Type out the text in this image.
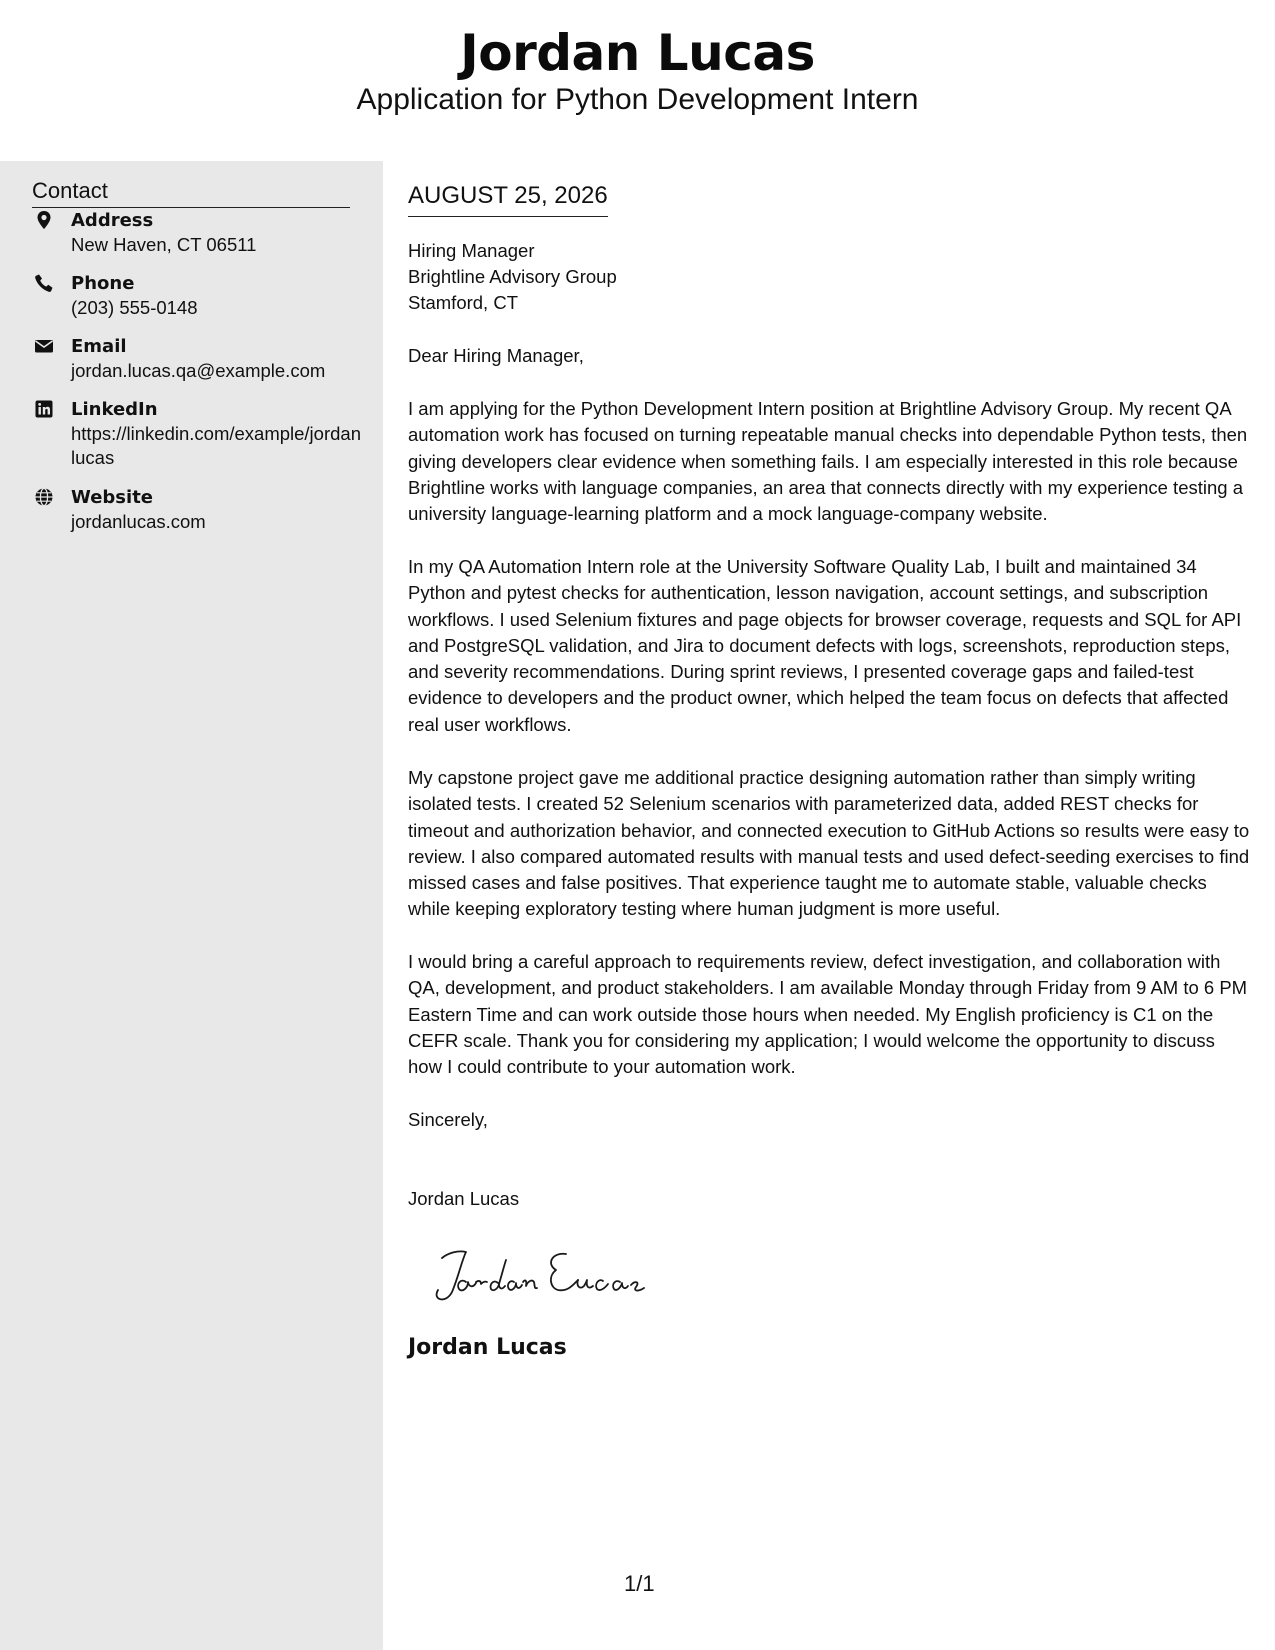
Jordan Lucas
Application for Python Development Intern
Contact
Address
New Haven, CT 06511
Phone
(203) 555-0148
Email
jordan.lucas.qa@example.com
LinkedIn
https://linkedin.com/example/jordanlucas
Website
jordanlucas.com
AUGUST 25, 2026
Hiring Manager
Brightline Advisory Group
Stamford, CT
Dear Hiring Manager,
I am applying for the Python Development Intern position at Brightline Advisory Group. My recent QA automation work has focused on turning repeatable manual checks into dependable Python tests, then giving developers clear evidence when something fails. I am especially interested in this role because Brightline works with language companies, an area that connects directly with my experience testing a university language-learning platform and a mock language-company website.
In my QA Automation Intern role at the University Software Quality Lab, I built and maintained 34 Python and pytest checks for authentication, lesson navigation, account settings, and subscription workflows. I used Selenium fixtures and page objects for browser coverage, requests and SQL for API and PostgreSQL validation, and Jira to document defects with logs, screenshots, reproduction steps, and severity recommendations. During sprint reviews, I presented coverage gaps and failed-test evidence to developers and the product owner, which helped the team focus on defects that affected real user workflows.
My capstone project gave me additional practice designing automation rather than simply writing isolated tests. I created 52 Selenium scenarios with parameterized data, added REST checks for timeout and authorization behavior, and connected execution to GitHub Actions so results were easy to review. I also compared automated results with manual tests and used defect-seeding exercises to find missed cases and false positives. That experience taught me to automate stable, valuable checks while keeping exploratory testing where human judgment is more useful.
I would bring a careful approach to requirements review, defect investigation, and collaboration with QA, development, and product stakeholders. I am available Monday through Friday from 9 AM to 6 PM Eastern Time and can work outside those hours when needed. My English proficiency is C1 on the CEFR scale. Thank you for considering my application; I would welcome the opportunity to discuss how I could contribute to your automation work.
Sincerely,
Jordan Lucas
Jordan Lucas
1/1
